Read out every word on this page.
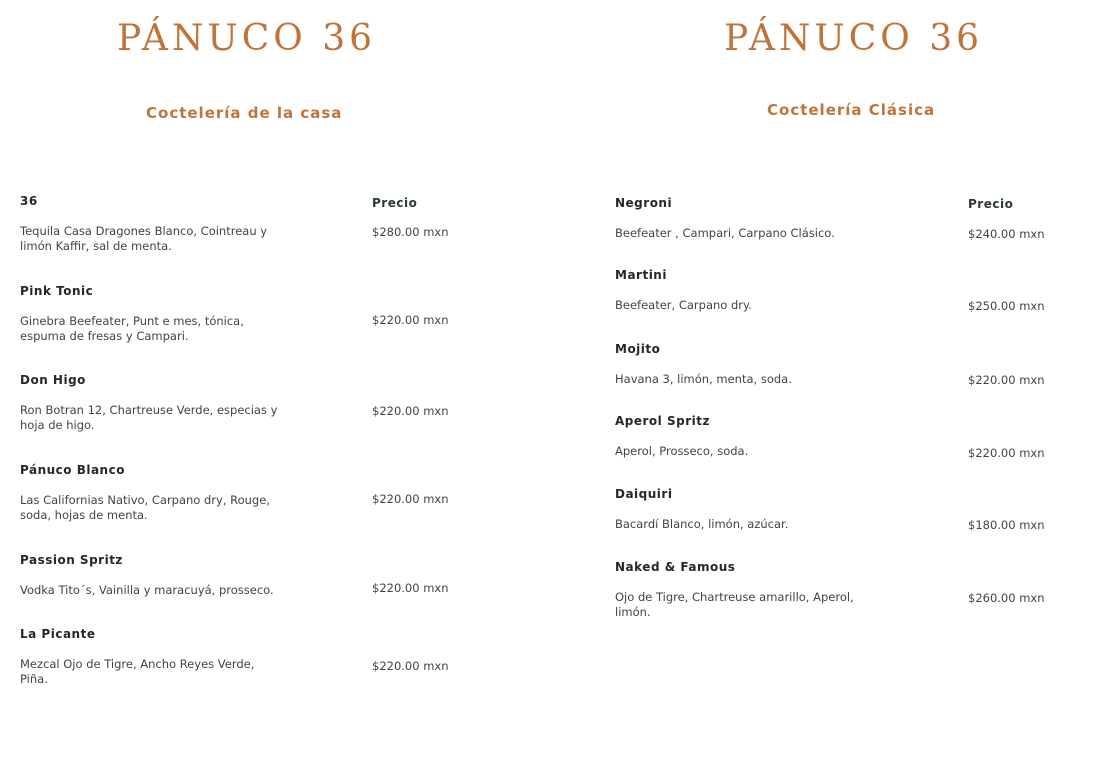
PÁNUCO 36
Coctelería de la casa
Precio
36
Tequila Casa Dragones Blanco, Cointreau y limón Kaffir, sal de menta.
$280.00 mxn
Pink Tonic
Ginebra Beefeater, Punt e mes, tónica, espuma de fresas y Campari.
$220.00 mxn
Don Higo
Ron Botran 12, Chartreuse Verde, especias y hoja de higo.
$220.00 mxn
Pánuco Blanco
Las Californias Nativo, Carpano dry, Rouge, soda, hojas de menta.
$220.00 mxn
Passion Spritz
Vodka Tito´s, Vainilla y maracuyá, prosseco.	$220.00 mxn
La Picante
Mezcal Ojo de Tigre, Ancho Reyes Verde, Piña.
$220.00 mxn
PÁNUCO 36
Coctelería Clásica
Precio
Negroni
Beefeater , Campari, Carpano Clásico.	$240.00 mxn
Martini
Beefeater, Carpano dry.	$250.00 mxn
Mojito
Havana 3, limón, menta, soda.	$220.00 mxn
Aperol Spritz
Aperol, Prosseco, soda.	$220.00 mxn
Daiquiri
Bacardí Blanco, limón, azúcar.	$180.00 mxn
Naked & Famous
Ojo de Tigre, Chartreuse amarillo, Aperol, limón.
$260.00 mxn
